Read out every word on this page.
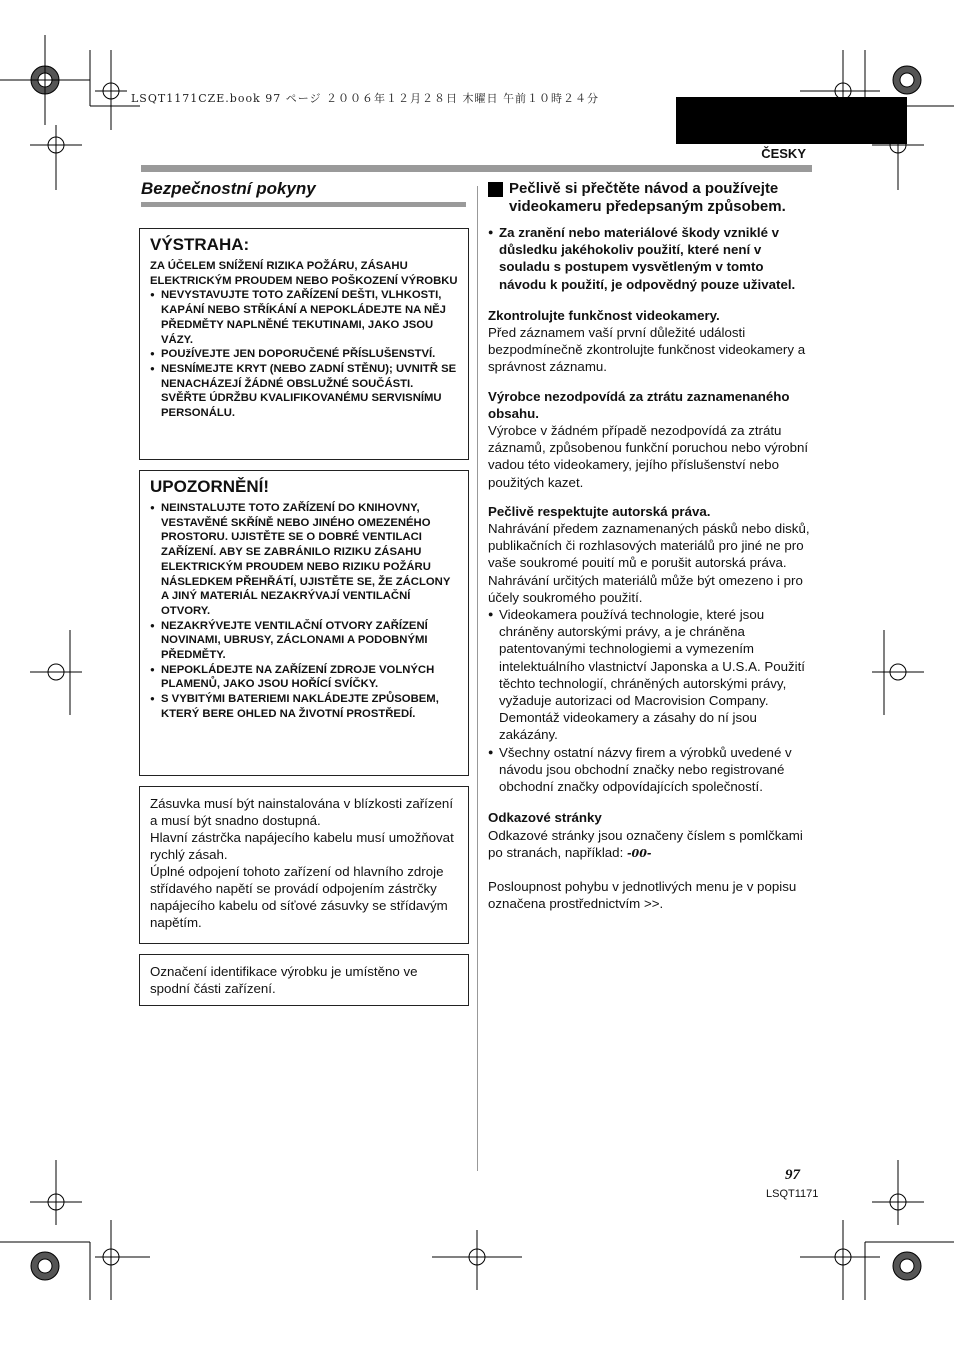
LSQT1171CZE.book 97 ページ ２００６年１２月２８日 木曜日 午前１０時２４分
ČESKY
Bezpečnostní pokyny
VÝSTRAHA:
ZA ÚČELEM SNÍŽENÍ RIZIKA POŽÁRU, ZÁSAHU ELEKTRICKÝM PROUDEM NEBO POŠKOZENÍ VÝROBKU
● NEVYSTAVUJTE TOTO ZAŘÍZENÍ DEŠTI, VLHKOSTI, KAPÁNÍ NEBO STŘÍKÁNÍ A NEPOKLÁDEJTE NA NĚJ PŘEDMĚTY NAPLNĚNÉ TEKUTINAMI, JAKO JSOU VÁZY.
● POUžÍVEJTE JEN DOPORUČENÉ PŘÍSLUŠENSTVÍ.
● NESNÍMEJTE KRYT (NEBO ZADNÍ STĚNU); UVNITŘ SE NENACHÁZEJÍ ŽÁDNÉ OBSLUŽNÉ SOUČÁSTI. SVĚŘTE ÚDRŽBU KVALIFIKOVANÉMU SERVISNÍMU PERSONÁLU.
UPOZORNĚNÍ!
● NEINSTALUJTE TOTO ZAŘÍZENÍ DO KNIHOVNY, VESTAVĚNÉ SKŘÍNĚ NEBO JINÉHO OMEZENÉHO PROSTORU. UJISTĚTE SE O DOBRÉ VENTILACI ZAŘÍZENÍ. ABY SE ZABRÁNILO RIZIKU ZÁSAHU ELEKTRICKÝM PROUDEM NEBO RIZIKU POŽÁRU NÁSLEDKEM PŘEHŘÁTÍ, UJISTĚTE SE, ŽE ZÁCLONY A JINÝ MATERIÁL NEZAKRÝVAJÍ VENTILAČNÍ OTVORY.
● NEZAKRÝVEJTE VENTILAČNÍ OTVORY ZAŘÍZENÍ NOVINAMI, UBRUSY, ZÁCLONAMI A PODOBNÝMI PŘEDMĚTY.
● NEPOKLÁDEJTE NA ZAŘÍZENÍ ZDROJE VOLNÝCH PLAMENŮ, JAKO JSOU HOŘÍCÍ SVÍČKY.
● S VYBITÝMI BATERIEMI NAKLÁDEJTE ZPŮSOBEM, KTERÝ BERE OHLED NA ŽIVOTNÍ PROSTŘEDÍ.
Zásuvka musí být nainstalována v blízkosti zařízení a musí být snadno dostupná.
Hlavní zástrčka napájecího kabelu musí umožňovat rychlý zásah.
Úplné odpojení tohoto zařízení od hlavního zdroje střídavého napětí se provádí odpojením zástrčky napájecího kabelu od síťové zásuvky se střídavým napětím.
Označení identifikace výrobku je umístěno ve spodní části zařízení.
Pečlivě si přečtěte návod a používejte videokameru předepsaným způsobem.
● Za zranění nebo materiálové škody vzniklé v důsledku jakéhokoliv použití, které není v souladu s postupem vysvětleným v tomto návodu k použití, je odpovědný pouze uživatel.
Zkontrolujte funkčnost videokamery.

Před záznamem vaší první důležité události bezpodmínečně zkontrolujte funkčnost videokamery a správnost záznamu.

Výrobce nezodpovídá za ztrátu zaznamenaného obsahu.

Výrobce v žádném případě nezodpovídá za ztrátu záznamů, způsobenou funkční poruchou nebo výrobní vadou této videokamery, jejího příslušenství nebo použitých kazet.

Pečlivě respektujte autorská práva.
Nahrávání předem zaznamenaných pásků nebo disků, publikačních či rozhlasových materiálů pro jiné ne pro vaše soukromé pouití mů e porušit autorská práva. Nahrávání určitých materiálů může být omezeno i pro účely soukromého použití.
● Videokamera používá technologie, které jsou chráněny autorskými právy, a je chráněna patentovanými technologiemi a vymezením intelektuálního vlastnictví Japonska a U.S.A. Použití těchto technologií, chráněných autorskými právy, vyžaduje autorizaci od Macrovision Company. Demontáž videokamery a zásahy do ní jsou zakázány.
● Všechny ostatní názvy firem a výrobků uvedené v návodu jsou obchodní značky nebo registrované obchodní značky odpovídajících společností.
Odkazové stránky

Odkazové stránky jsou označeny číslem s pomlčkami po stranách, například: -00-

Posloupnost pohybu v jednotlivých menu je v popisu označena prostřednictvím >>.

97
LSQT1171
